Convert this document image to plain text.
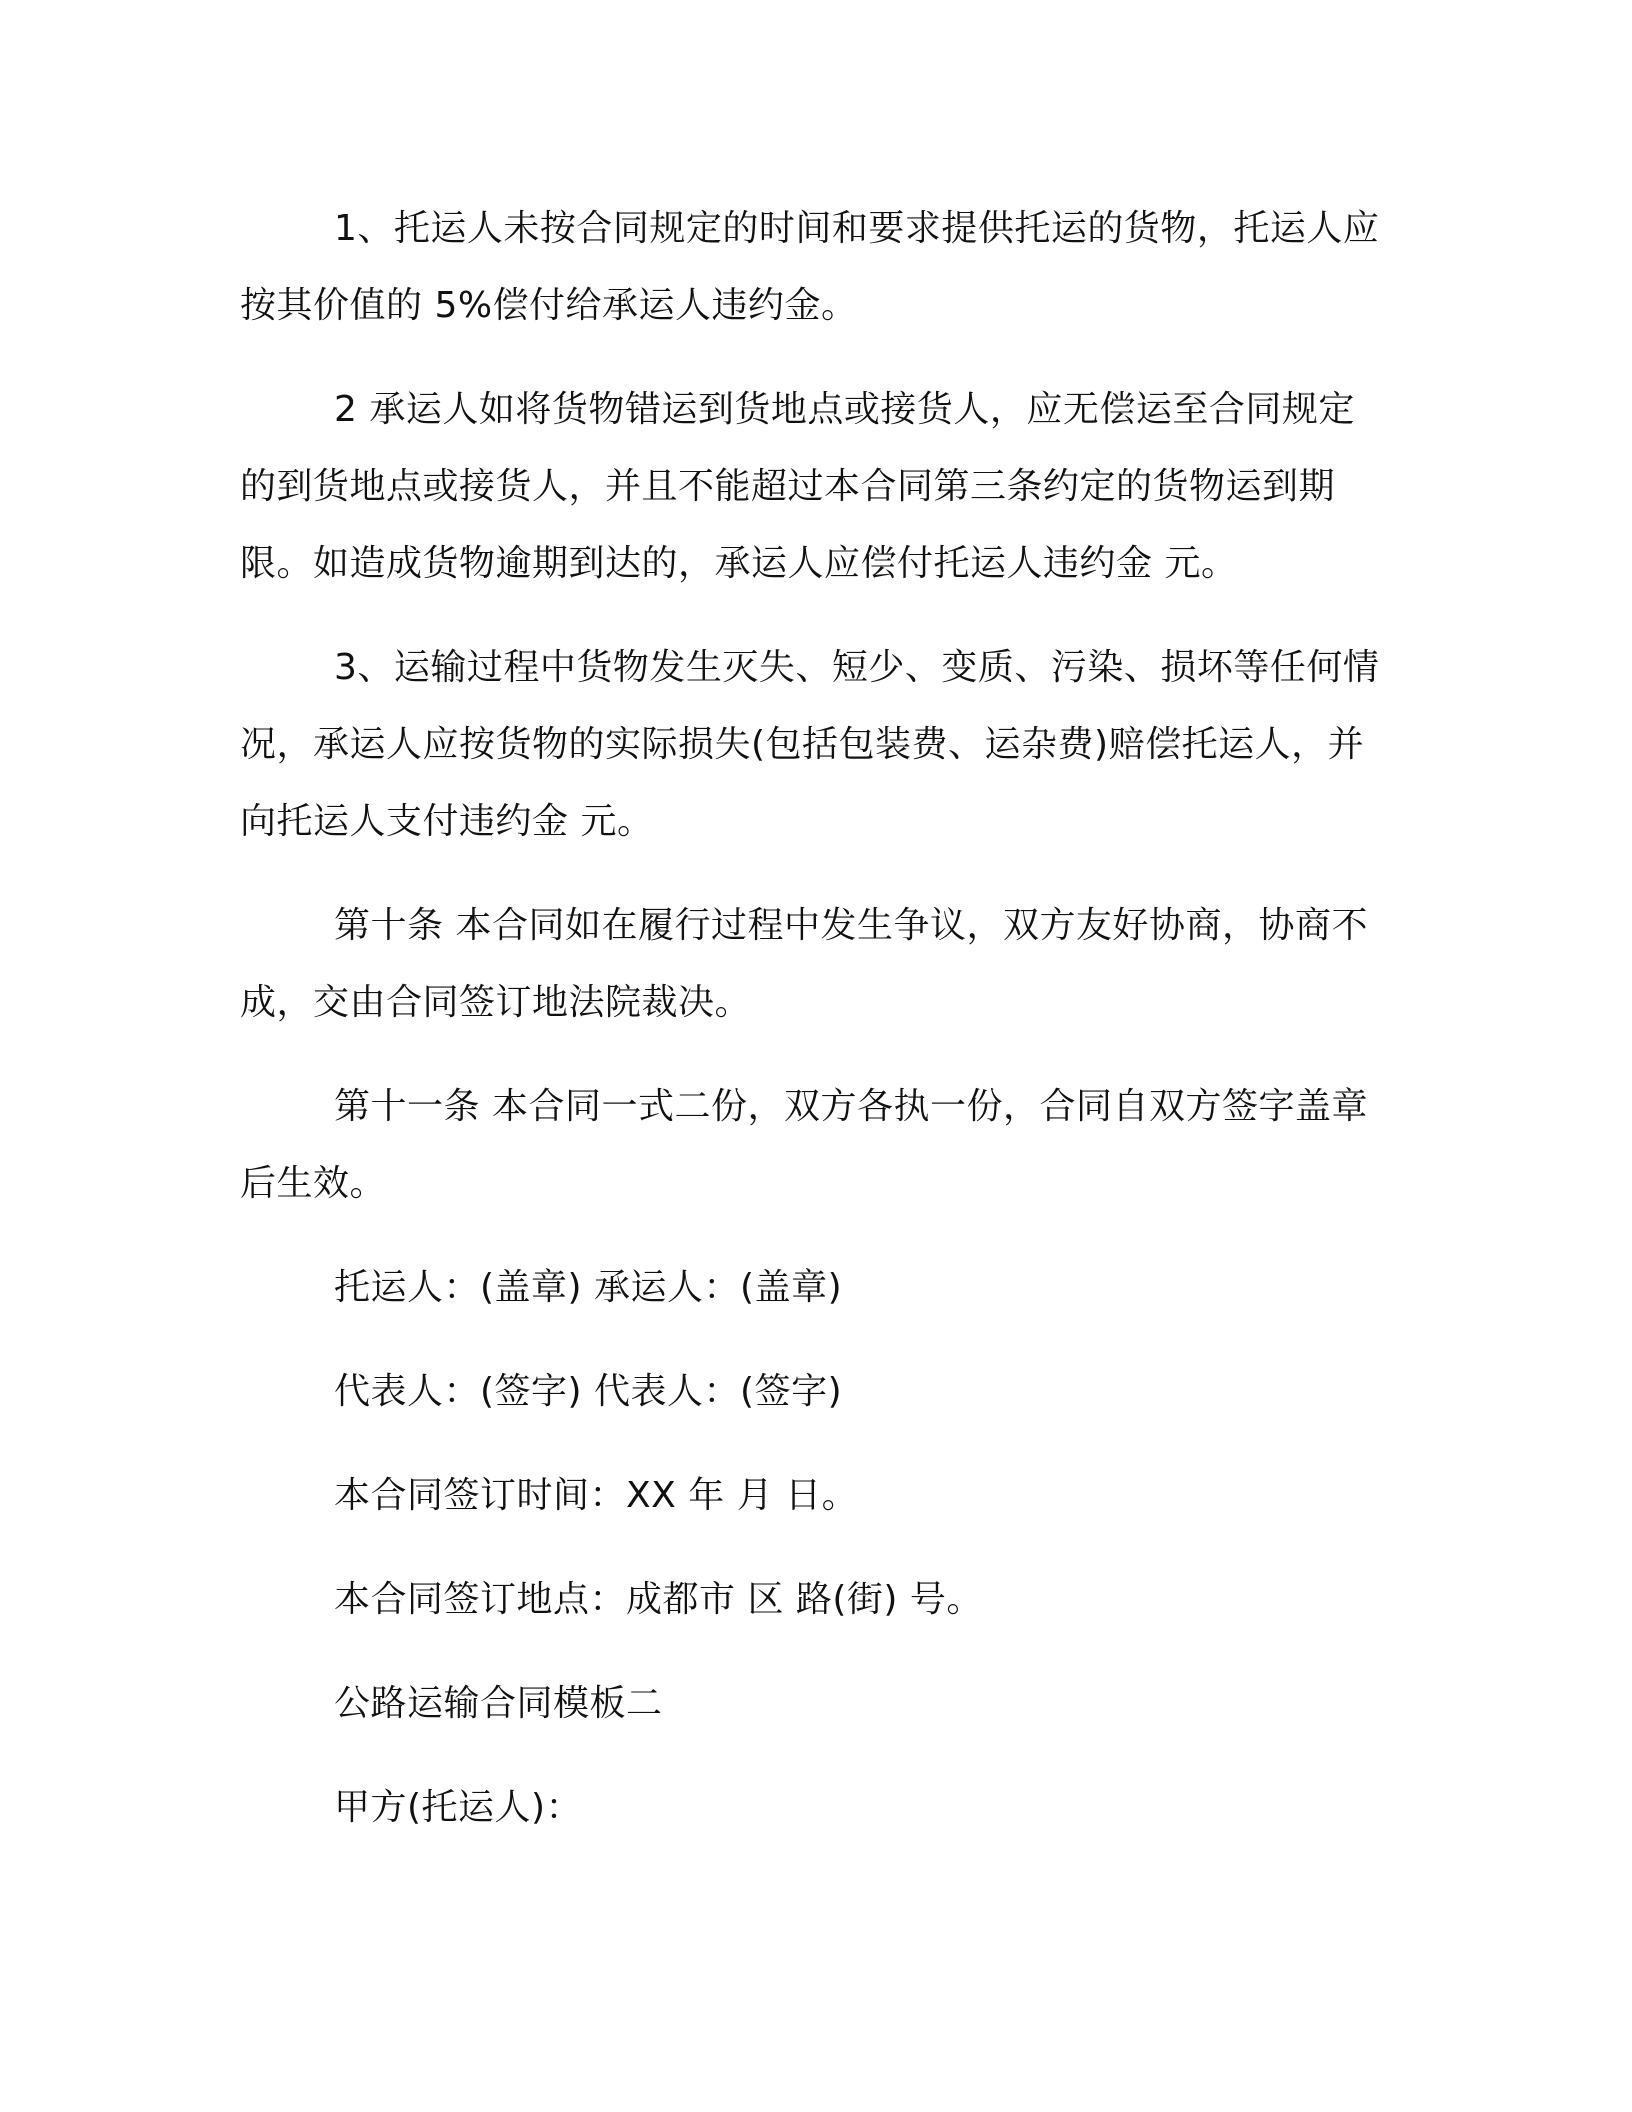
1、托运人未按合同规定的时间和要求提供托运的货物，托运人应按其价值的 5%偿付给承运人违约金。

2 承运人如将货物错运到货地点或接货人，应无偿运至合同规定的到货地点或接货人，并且不能超过本合同第三条约定的货物运到期限。如造成货物逾期到达的，承运人应偿付托运人违约金 元。

3、运输过程中货物发生灭失、短少、变质、污染、损坏等任何情况，承运人应按货物的实际损失(包括包装费、运杂费)赔偿托运人，并向托运人支付违约金 元。

第十条 本合同如在履行过程中发生争议，双方友好协商，协商不成，交由合同签订地法院裁决。

第十一条 本合同一式二份，双方各执一份，合同自双方签字盖章后生效。

托运人：(盖章) 承运人：(盖章)

代表人：(签字) 代表人：(签字)

本合同签订时间：XX 年 月 日。

本合同签订地点：成都市 区 路(街) 号。

公路运输合同模板二

甲方(托运人)：
